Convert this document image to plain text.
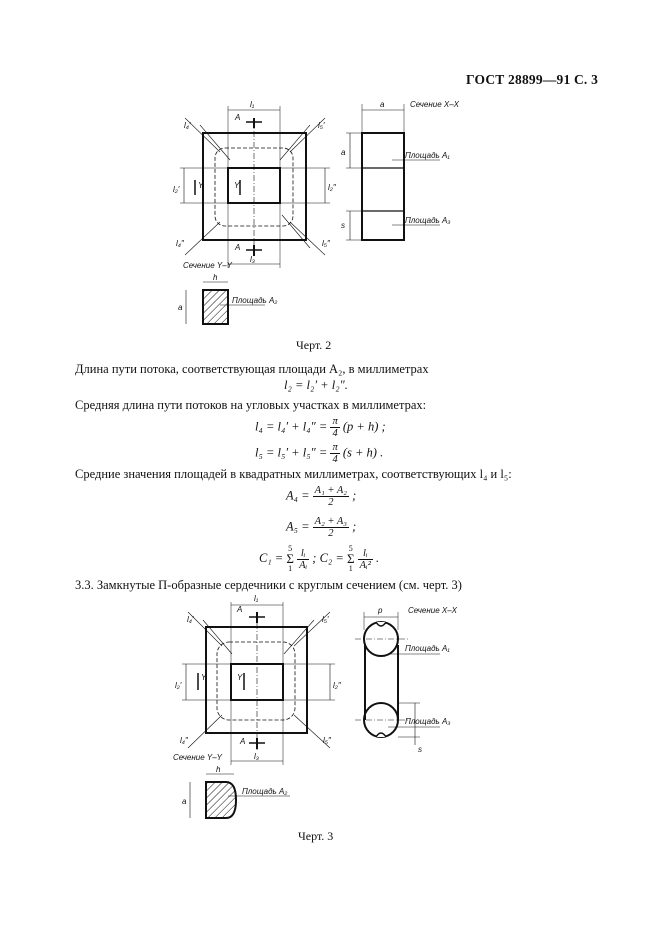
ГОСТ 28899—91 С. 3
l₁
l₄′	l₅′
A
l₂′	l₂″
Y	Y
l₄″	l₅″
A
l₃
Сечение Y–Y
a	Сечение X–X
a
s
Площадь A₁
Площадь A₃
h
a
Площадь A₂
Черт. 2
Длина пути потока, соответствующая площади A₂, в миллиметрах
l₂ = l₂′ + l₂″.
Средняя длина пути потоков на угловых участках в миллиметрах:
$l_4 = l_4' + l_4'' = \frac{\pi}{4} (p + h)$ ;
$l_5 = l_5' + l_5'' = \frac{\pi}{4} (s + h)$ .
Средние значения площадей в квадратных миллиметрах, соответствующих l₄ и l₅:
$A_4 = \frac{\text{A₁ + A₂}}{2}$ ;
$A_5 = \frac{\text{A₂ + A₃}}{2}$ ;
C₁ = 5
Σ
$1 \frac{\text{lᵢ}}{\text{Aᵢ}}$ ; C₂ = 5
Σ
$1 \frac{\text{lᵢ}}{\text{Aᵢ²}}$ .
3.3. Замкнутые П-образные сердечники с круглым сечением (см. черт. 3)
l₁
A
l₄′	l₅′
l₂′	l₂″
Y	Y
l₄″	l₅″
A
l₃
Сечение Y–Y
p	Сечение X–X
Площадь A₁
Площадь A₃
s
h
a
Площадь A₂
Черт. 3
